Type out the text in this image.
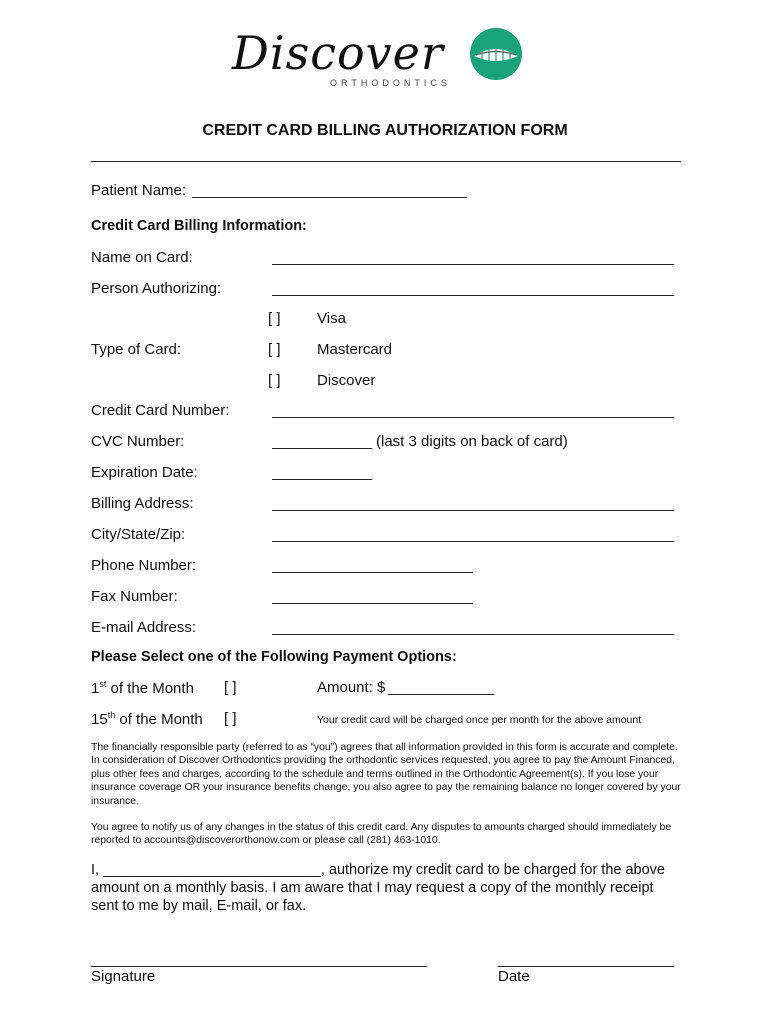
Discover
ORTHODONTICS
CREDIT CARD BILLING AUTHORIZATION FORM
Patient Name:
Credit Card Billing Information:
Name on Card:
Person Authorizing:
[ ] Visa
Type of Card:	[ ] Mastercard
[ ] Discover
Credit Card Number:
CVC Number:	(last 3 digits on back of card)
Expiration Date:
Billing Address:
City/State/Zip:
Phone Number:
Fax Number:
E-mail Address:
Please Select one of the Following Payment Options:
1st of the Month [ ]	Amount: $
15th of the Month [ ]	Your credit card will be charged once per month for the above amount
The financially responsible party (referred to as “you”) agrees that all information provided in this form is accurate and complete. In consideration of Discover Orthodontics providing the orthodontic services requested, you agree to pay the Amount Financed, plus other fees and charges, according to the schedule and terms outlined in the Orthodontic Agreement(s). If you lose your insurance coverage OR your insurance benefits change, you also agree to pay the remaining balance no longer covered by your insurance.
You agree to notify us of any changes in the status of this credit card. Any disputes to amounts charged should immediately be reported to accounts@discoverorthonow.com or please call (281) 463-1010.
I, ___________________________, authorize my credit card to be charged for the above amount on a monthly basis. I am aware that I may request a copy of the monthly receipt sent to me by mail, E-mail, or fax.
Signature	Date
